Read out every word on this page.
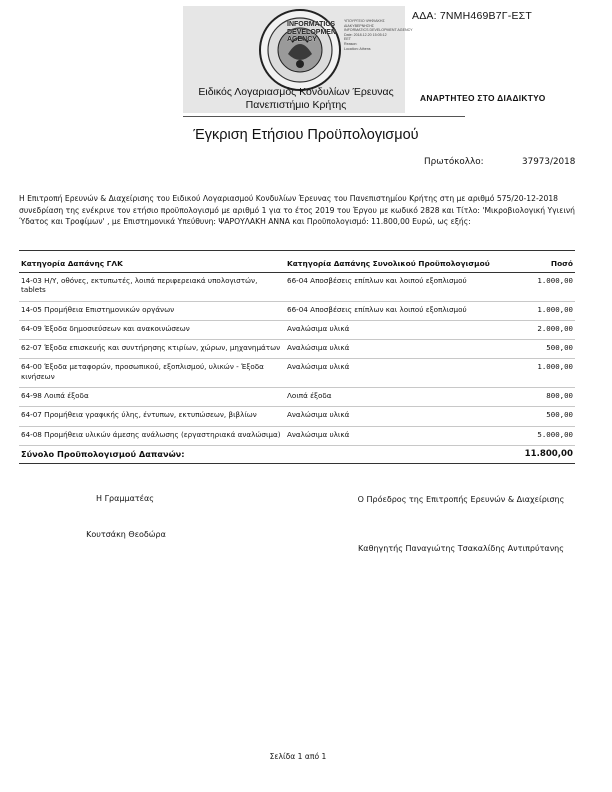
ΑΔΑ: 7ΝΜΗ469Β7Γ-ΕΣΤ
INFORMATICS
DEVELOPMEN
AGENCY
ΥΠΟΥΡΓΕΙΟ ΨΗΦΙΑΚΗΣ
ΔΙΑΚΥΒΕΡΝΗΣΗΣ
INFORMATICS DEVELOPMENT AGENCY
Date: 2018.12.20 15:05:12
EET
Reason:
Location: Athens
Ειδικός Λογαριασμός Κονδυλίων Έρευνας
Πανεπιστήμιο Κρήτης
ΑΝΑΡΤΗΤΕΟ ΣΤΟ ΔΙΑΔΙΚΤΥΟ
Έγκριση Ετήσιου Προϋπολογισμού
Πρωτόκολλο:	37973/2018
Η Επιτροπή Ερευνών & Διαχείρισης του Ειδικού Λογαριασμού Κονδυλίων Έρευνας του Πανεπιστημίου Κρήτης στη με αριθμό 575/20-12-2018 συνεδρίαση της ενέκρινε τον ετήσιο προϋπολογισμό με αριθμό 1 για το έτος 2019 του Έργου με κωδικό 2828 και Τίτλο: 'Μικροβιολογική Υγιεινή Ύδατος και Τροφίμων' , με Επιστημονικά Υπεύθυνη: ΨΑΡΟΥΛΑΚΗ ΑΝΝΑ και Προϋπολογισμό: 11.800,00 Ευρώ, ως εξής:
Κατηγορία Δαπάνης ΓΛΚ	Κατηγορία Δαπάνης Συνολικού Προϋπολογισμού	Ποσό
14-03 Η/Υ, οθόνες, εκτυπωτές, λοιπά περιφερειακά υπολογιστών, tablets	66-04 Αποσβέσεις επίπλων και λοιπού εξοπλισμού	1.000,00
14-05 Προμήθεια Επιστημονικών οργάνων	66-04 Αποσβέσεις επίπλων και λοιπού εξοπλισμού	1.000,00
64-09 Έξοδα δημοσιεύσεων και ανακοινώσεων	Αναλώσιμα υλικά	2.000,00
62-07 Έξοδα επισκευής και συντήρησης κτιρίων, χώρων, μηχανημάτων	Αναλώσιμα υλικά	500,00
64-00 Έξοδα μεταφορών, προσωπικού, εξοπλισμού, υλικών - Έξοδα κινήσεων	Αναλώσιμα υλικά	1.000,00
64-98 Λοιπά έξοδα	Λοιπά έξοδα	800,00
64-07 Προμήθεια γραφικής ύλης, έντυπων, εκτυπώσεων, βιβλίων	Αναλώσιμα υλικά	500,00
64-08 Προμήθεια υλικών άμεσης ανάλωσης (εργαστηριακά αναλώσιμα)	Αναλώσιμα υλικά	5.000,00
Σύνολο Προϋπολογισμού Δαπανών:		11.800,00
Η Γραμματέας	Ο Πρόεδρος της Επιτροπής Ερευνών & Διαχείρισης
Κουτσάκη Θεοδώρα
Καθηγητής Παναγιώτης Τσακαλίδης Αντιπρύτανης
Σελίδα 1 από 1
